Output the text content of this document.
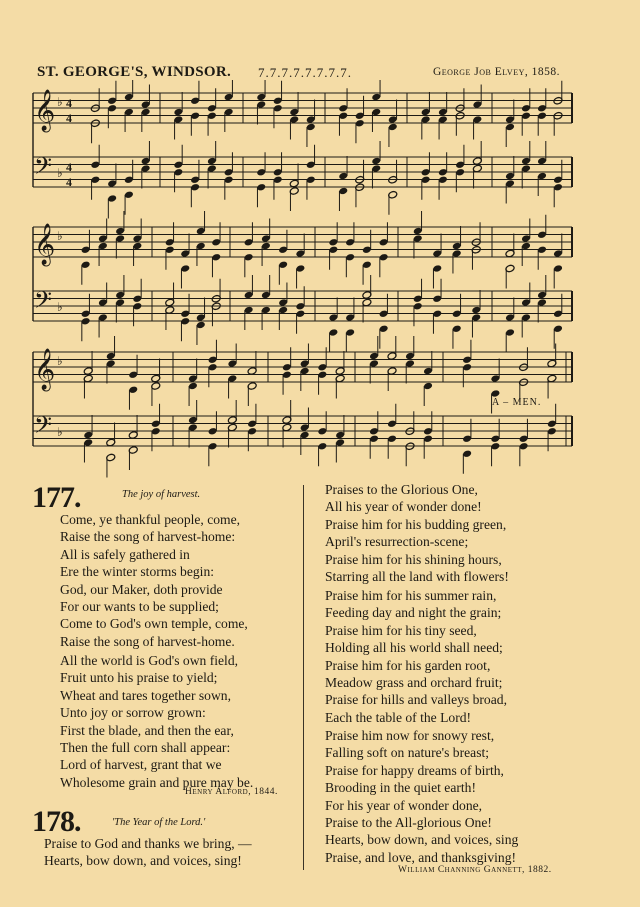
ST. GEORGE'S, WINDSOR. 7.7.7.7.7.7.7.7.	George Job Elvey, 1858.
𝄞 ♭ 4
4
𝄢 ♭ 4
4
𝄞 ♭
𝄢 ♭
𝄞 ♭
𝄢 ♭
A – MEN.
177.	The joy of harvest.
Come, ye thankful people, come,
Raise the song of harvest-home:
All is safely gathered in
Ere the winter storms begin:
God, our Maker, doth provide
For our wants to be supplied;
Come to God's own temple, come,
Raise the song of harvest-home.
All the world is God's own field,
Fruit unto his praise to yield;
Wheat and tares together sown,
Unto joy or sorrow grown:
First the blade, and then the ear,
Then the full corn shall appear:
Lord of harvest, grant that we
Wholesome grain and pure may be.
Henry Alford, 1844.
178.	'The Year of the Lord.'
Praise to God and thanks we bring, —
Hearts, bow down, and voices, sing!
Praises to the Glorious One,
All his year of wonder done!
Praise him for his budding green,
April's resurrection-scene;
Praise him for his shining hours,
Starring all the land with flowers!
Praise him for his summer rain,
Feeding day and night the grain;
Praise him for his tiny seed,
Holding all his world shall need;
Praise him for his garden root,
Meadow grass and orchard fruit;
Praise for hills and valleys broad,
Each the table of the Lord!
Praise him now for snowy rest,
Falling soft on nature's breast;
Praise for happy dreams of birth,
Brooding in the quiet earth!
For his year of wonder done,
Praise to the All-glorious One!
Hearts, bow down, and voices, sing
Praise, and love, and thanksgiving!
William Channing Gannett, 1882.
